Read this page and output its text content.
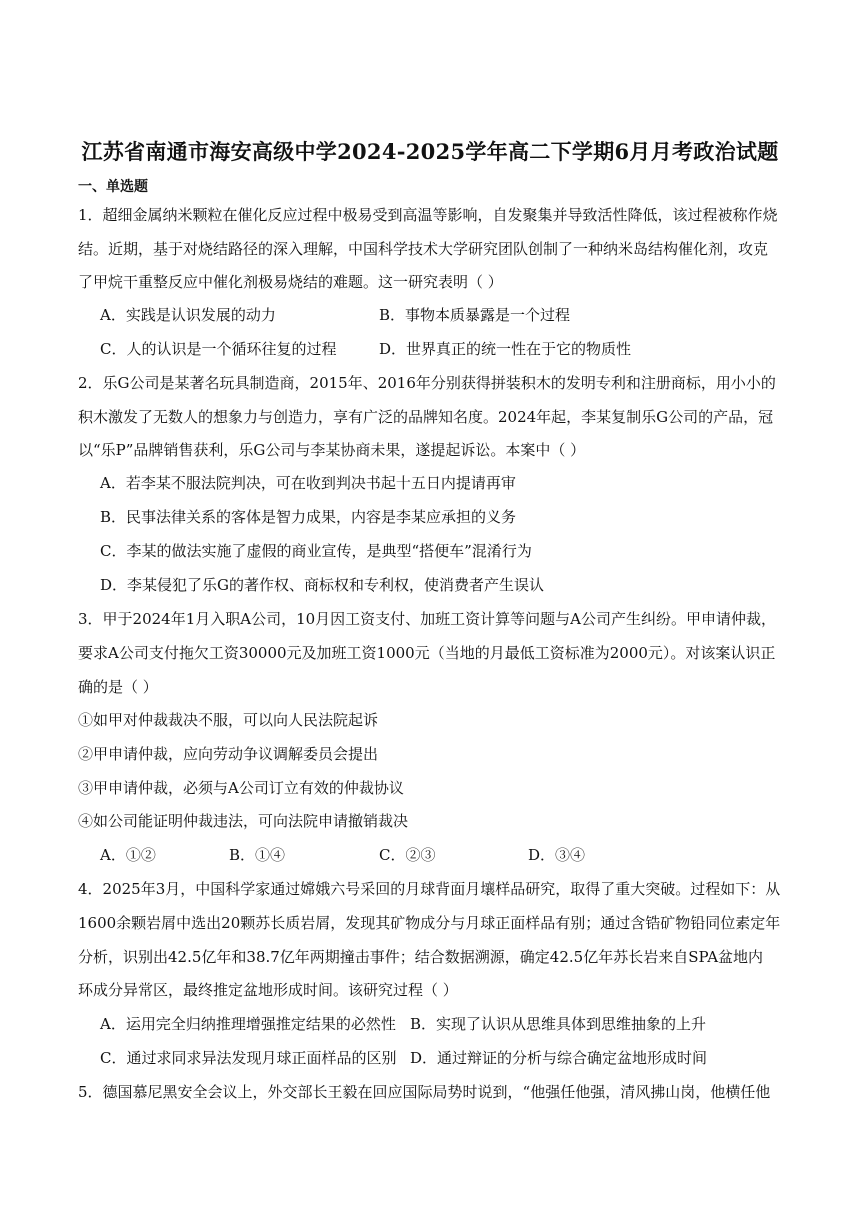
江苏省南通市海安高级中学2024-2025学年高二下学期6月月考政治试题
一、单选题
1．超细金属纳米颗粒在催化反应过程中极易受到高温等影响，自发聚集并导致活性降低，该过程被称作烧
结。近期，基于对烧结路径的深入理解，中国科学技术大学研究团队创制了一种纳米岛结构催化剂，攻克
了甲烷干重整反应中催化剂极易烧结的难题。这一研究表明（ ）
A．实践是认识发展的动力	B．事物本质暴露是一个过程
C．人的认识是一个循环往复的过程	D．世界真正的统一性在于它的物质性
2．乐G公司是某著名玩具制造商，2015年、2016年分别获得拼装积木的发明专利和注册商标，用小小的
积木激发了无数人的想象力与创造力，享有广泛的品牌知名度。2024年起，李某复制乐G公司的产品，冠
以“乐P”品牌销售获利，乐G公司与李某协商未果，遂提起诉讼。本案中（ ）
A．若李某不服法院判决，可在收到判决书起十五日内提请再审
B．民事法律关系的客体是智力成果，内容是李某应承担的义务
C．李某的做法实施了虚假的商业宣传，是典型“搭便车”混淆行为
D．李某侵犯了乐G的著作权、商标权和专利权，使消费者产生误认
3．甲于2024年1月入职A公司，10月因工资支付、加班工资计算等问题与A公司产生纠纷。甲申请仲裁，
要求A公司支付拖欠工资30000元及加班工资1000元（当地的月最低工资标准为2000元）。对该案认识正
确的是（ ）
①如甲对仲裁裁决不服，可以向人民法院起诉
②甲申请仲裁，应向劳动争议调解委员会提出
③甲申请仲裁，必须与A公司订立有效的仲裁协议
④如公司能证明仲裁违法，可向法院申请撤销裁决
A．①②	B．①④	C．②③	D．③④
4．2025年3月，中国科学家通过嫦娥六号采回的月球背面月壤样品研究，取得了重大突破。过程如下：从
1600余颗岩屑中选出20颗苏长质岩屑，发现其矿物成分与月球正面样品有别；通过含锆矿物铅同位素定年
分析，识别出42.5亿年和38.7亿年两期撞击事件；结合数据溯源，确定42.5亿年苏长岩来自SPA盆地内
环成分异常区，最终推定盆地形成时间。该研究过程（ ）
A．运用完全归纳推理增强推定结果的必然性 B．实现了认识从思维具体到思维抽象的上升
C．通过求同求异法发现月球正面样品的区别 D．通过辩证的分析与综合确定盆地形成时间
5．德国慕尼黑安全会议上，外交部长王毅在回应国际局势时说到，“他强任他强，清风拂山岗，他横任他
